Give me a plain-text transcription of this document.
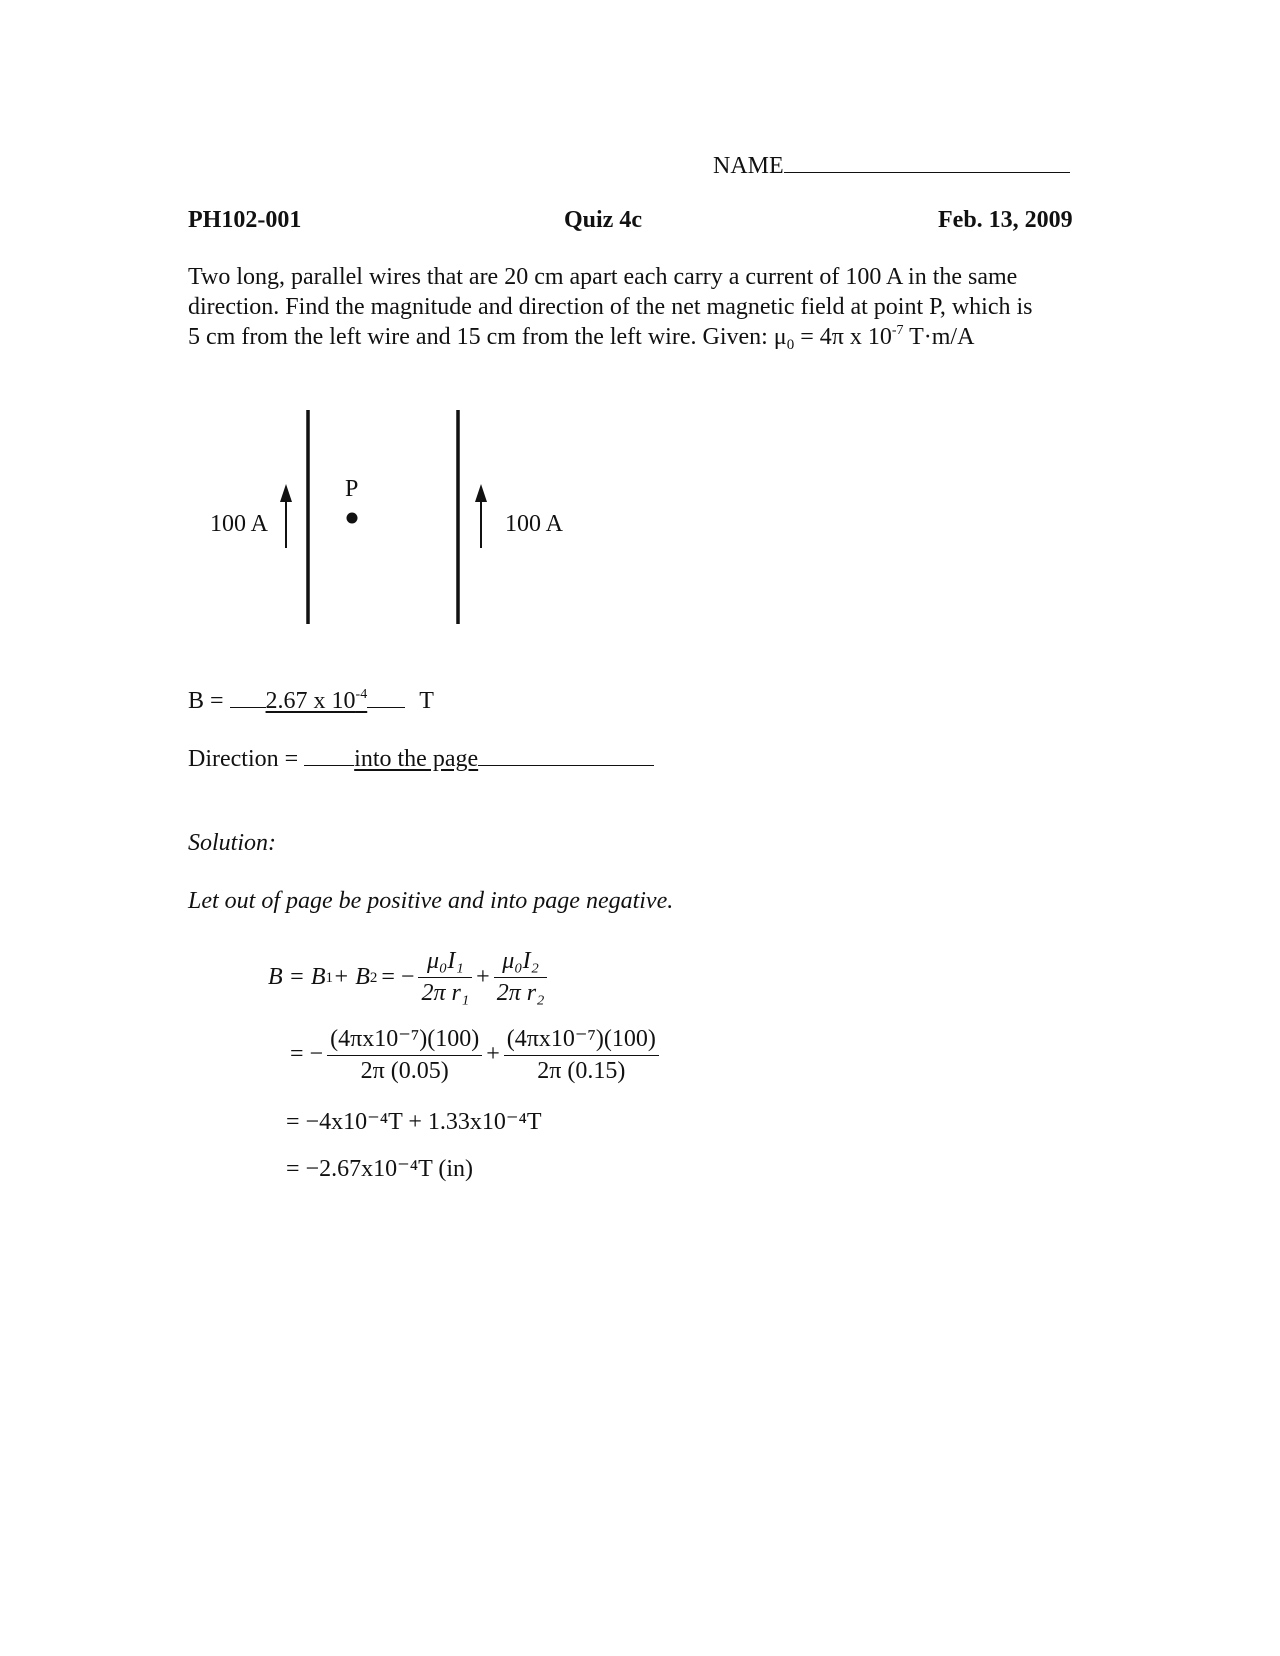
NAME
PH102-001	Quiz 4c	Feb. 13, 2009
Two long, parallel wires that are 20 cm apart each carry a current of 100 A in the same
direction. Find the magnitude and direction of the net magnetic field at point P, which is
5 cm from the left wire and 15 cm from the left wire. Given: $\mu_0 = 4\pi$ x $10^{-7}$ T·m/A
100 A	100 A
P
B = 2.67 x $10^{-4}$ T
Direction = into the page
Solution:
Let out of page be positive and into page negative.
B = B 1 + B 2 = − $\frac{\text{μ₀I₁}}{\text{2π r₁}} + \frac{\text{μ₀I₂}}{\text{2π r₂}}$
= − $\frac{\text{(4πx10⁻⁷)(100)}}{2\pi (0.05)} + \frac{\text{(4πx10⁻⁷)(100)}}{2\pi (0.15)}$
= −4x10⁻⁴T + 1.33x10⁻⁴T
= −2.67x10⁻⁴T (in)
